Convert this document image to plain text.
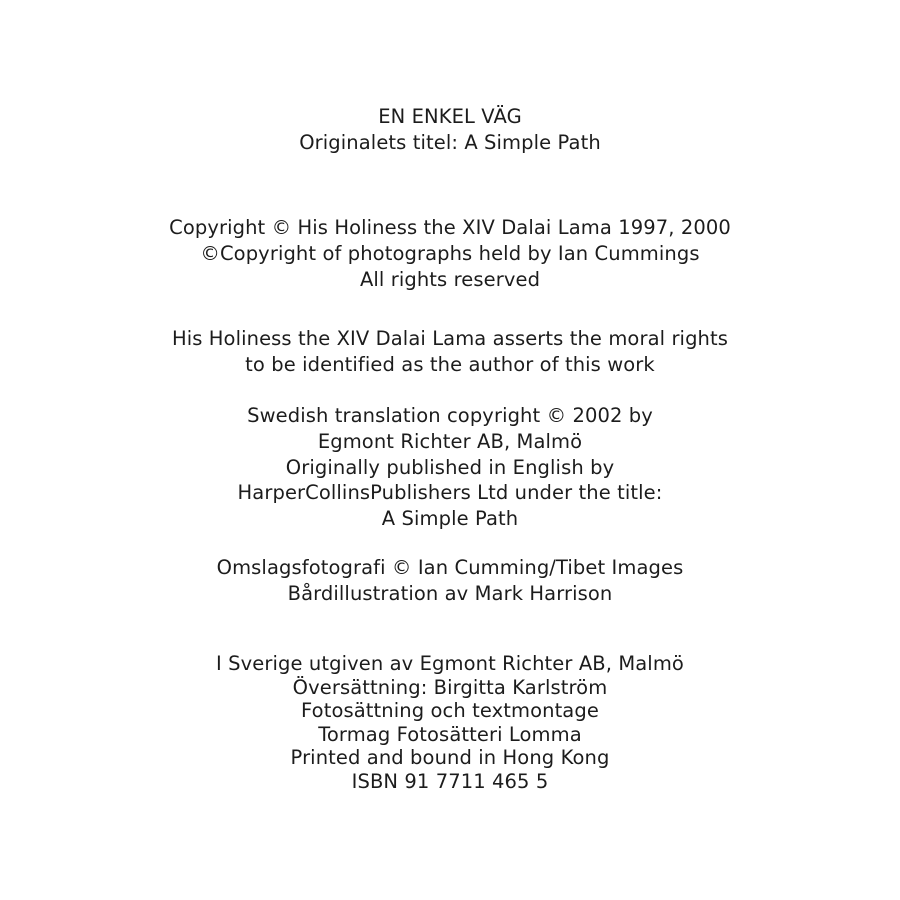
EN ENKEL VÄG
Originalets titel: A Simple Path
Copyright © His Holiness the XIV Dalai Lama 1997, 2000
©Copyright of photographs held by Ian Cummings
All rights reserved
His Holiness the XIV Dalai Lama asserts the moral rights
to be identified as the author of this work
Swedish translation copyright © 2002 by
Egmont Richter AB, Malmö
Originally published in English by
HarperCollinsPublishers Ltd under the title:
A Simple Path
Omslagsfotografi © Ian Cumming/Tibet Images
Bårdillustration av Mark Harrison
I Sverige utgiven av Egmont Richter AB, Malmö
Översättning: Birgitta Karlström
Fotosättning och textmontage
Tormag Fotosätteri Lomma
Printed and bound in Hong Kong
ISBN 91 7711 465 5
